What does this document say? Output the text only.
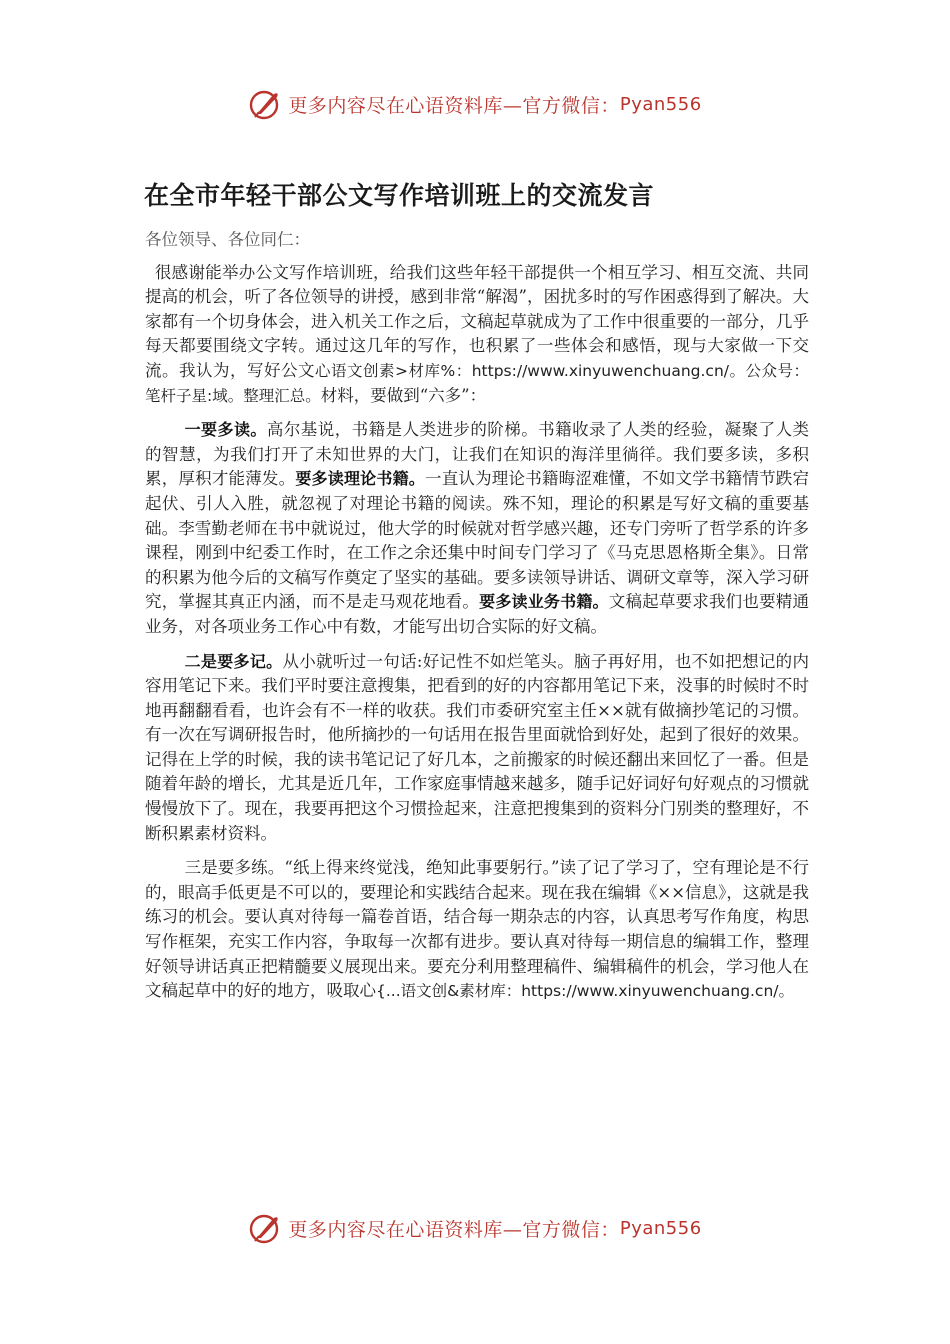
更多内容尽在心语资料库—官方微信： Pyan556
在全市年轻干部公文写作培训班上的交流发言

各位领导、各位同仁：

很感谢能举办公文写作培训班，给我们这些年轻干部提供一个相互学习、相互交流、共同提高的机会，听了各位领导的讲授，感到非常“解渴”，困扰多时的写作困惑得到了解决。大家都有一个切身体会，进入机关工作之后，文稿起草就成为了工作中很重要的一部分，几乎每天都要围绕文字转。通过这几年的写作，也积累了一些体会和感悟，现与大家做一下交流。我认为，写好公文心语文创素>材库%：https://www.xinyuwenchuang.cn/。公众号：笔杆子星:域。整理汇总。材料，要做到“六多”：

一要多读。高尔基说，书籍是人类进步的阶梯。书籍收录了人类的经验，凝聚了人类的智慧，为我们打开了未知世界的大门，让我们在知识的海洋里徜徉。我们要多读，多积累，厚积才能薄发。要多读理论书籍。一直认为理论书籍晦涩难懂，不如文学书籍情节跌宕起伏、引人入胜，就忽视了对理论书籍的阅读。殊不知，理论的积累是写好文稿的重要基础。李雪勤老师在书中就说过，他大学的时候就对哲学感兴趣，还专门旁听了哲学系的许多课程，刚到中纪委工作时，在工作之余还集中时间专门学习了《马克思恩格斯全集》。日常的积累为他今后的文稿写作奠定了坚实的基础。要多读领导讲话、调研文章等，深入学习研究，掌握其真正内涵，而不是走马观花地看。要多读业务书籍。文稿起草要求我们也要精通业务，对各项业务工作心中有数，才能写出切合实际的好文稿。

二是要多记。从小就听过一句话:好记性不如烂笔头。脑子再好用，也不如把想记的内容用笔记下来。我们平时要注意搜集，把看到的好的内容都用笔记下来，没事的时候时不时地再翻翻看看，也许会有不一样的收获。我们市委研究室主任××就有做摘抄笔记的习惯。有一次在写调研报告时，他所摘抄的一句话用在报告里面就恰到好处，起到了很好的效果。记得在上学的时候，我的读书笔记记了好几本，之前搬家的时候还翻出来回忆了一番。但是随着年龄的增长，尤其是近几年，工作家庭事情越来越多，随手记好词好句好观点的习惯就慢慢放下了。现在，我要再把这个习惯捡起来，注意把搜集到的资料分门别类的整理好，不断积累素材资料。

三是要多练。“纸上得来终觉浅，绝知此事要躬行。”读了记了学习了，空有理论是不行的，眼高手低更是不可以的，要理论和实践结合起来。现在我在编辑《××信息》，这就是我练习的机会。要认真对待每一篇卷首语，结合每一期杂志的内容，认真思考写作角度，构思写作框架，充实工作内容，争取每一次都有进步。要认真对待每一期信息的编辑工作，整理好领导讲话真正把精髓要义展现出来。要充分利用整理稿件、编辑稿件的机会，学习他人在文稿起草中的好的地方，吸取心{...语文创&素材库：https://www.xinyuwenchuang.cn/。

更多内容尽在心语资料库—官方微信： Pyan556
